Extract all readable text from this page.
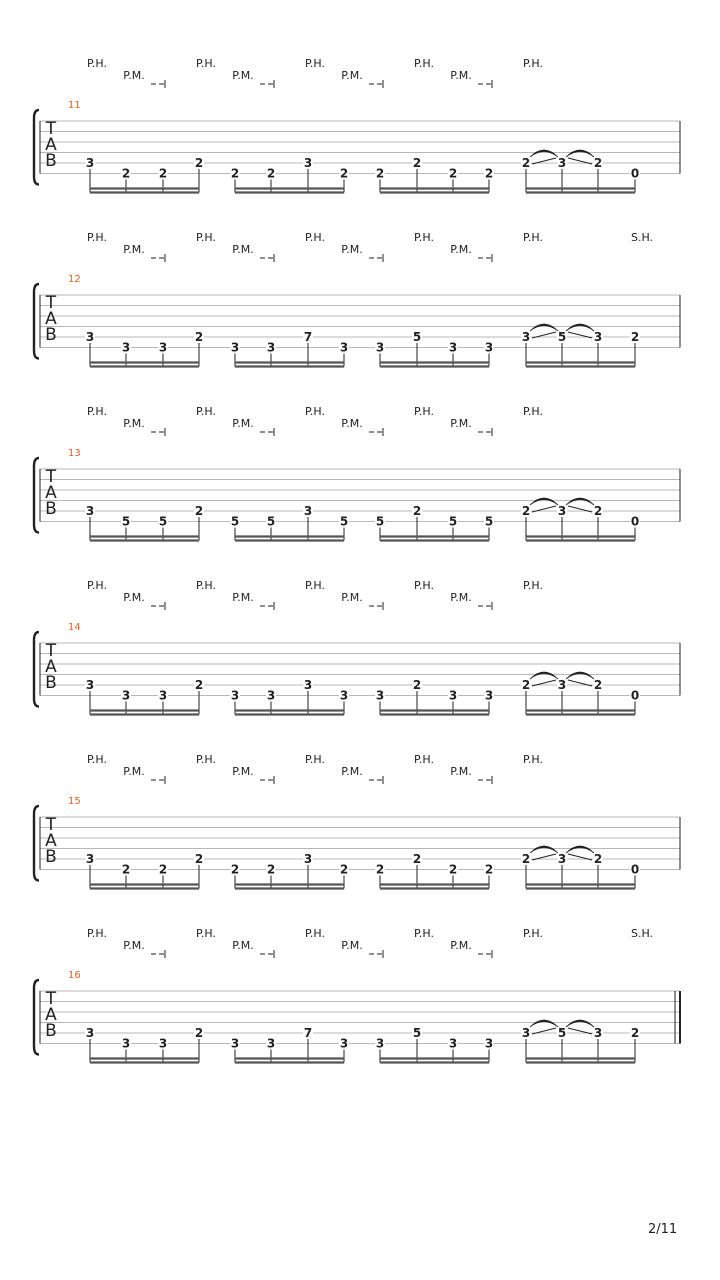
P.H.	P.H.	P.H.	P.H.	P.H.
P.M.	P.M.	P.M.	P.M.
11
T
A
B 3
2 2
2
2 2
3
2 2
2
2 2
2 3 2
0
P.H.	P.H.	P.H.	P.H.	P.H.
P.M.	P.M.	P.M.	P.M.
S.H.
12
T
A
B 3
3 3
2
3 3
7
3 3
5
3 3
3 5 3 2
P.H.	P.H.	P.H.	P.H.	P.H.
P.M.	P.M.	P.M.	P.M.
13
T
A
B 3
5 5
2
5 5
3
5 5
2
5 5
2 3 2
0
P.H.	P.H.	P.H.	P.H.	P.H.
P.M.	P.M.	P.M.	P.M.
14
T
A
B 3
3 3
2
3 3
3
3 3
2
3 3
2 3 2
0
P.H.	P.H.	P.H.	P.H.	P.H.
P.M.	P.M.	P.M.	P.M.
15
T
A
B 3
2 2
2
2 2
3
2 2
2
2 2
2 3 2
0
P.H.	P.H.	P.H.	P.H.	P.H.
P.M.	P.M.	P.M.	P.M.
S.H.
16
T
A
B 3
3 3
2
3 3
7
3 3
5
3 3
3 5 3 2
2/11
